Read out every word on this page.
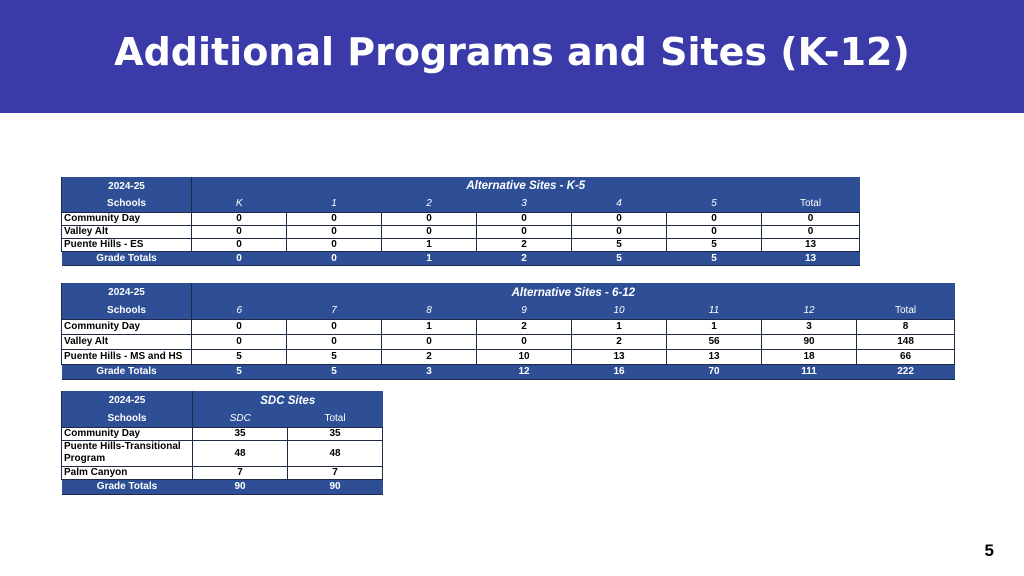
Additional Programs and Sites (K-12)
2024-25	Alternative Sites - K-5						
Schools	K	1	2	3	4	5	Total
Community Day	0	0	0	0	0	0	0
Valley Alt	0	0	0	0	0	0	0
Puente Hills - ES	0	0	1	2	5	5	13
Grade Totals	0	0	1	2	5	5	13
2024-25	Alternative Sites - 6-12							
Schools	6	7	8	9	10	11	12	Total
Community Day	0	0	1	2	1	1	3	8
Valley Alt	0	0	0	0	2	56	90	148
Puente Hills - MS and HS	5	5	2	10	13	13	18	66
Grade Totals	5	5	3	12	16	70	111	222
2024-25	SDC Sites	
Schools	SDC	Total
Community Day	35	35
Puente Hills-Transitional Program	48	48
Palm Canyon	7	7
Grade Totals	90	90
5
